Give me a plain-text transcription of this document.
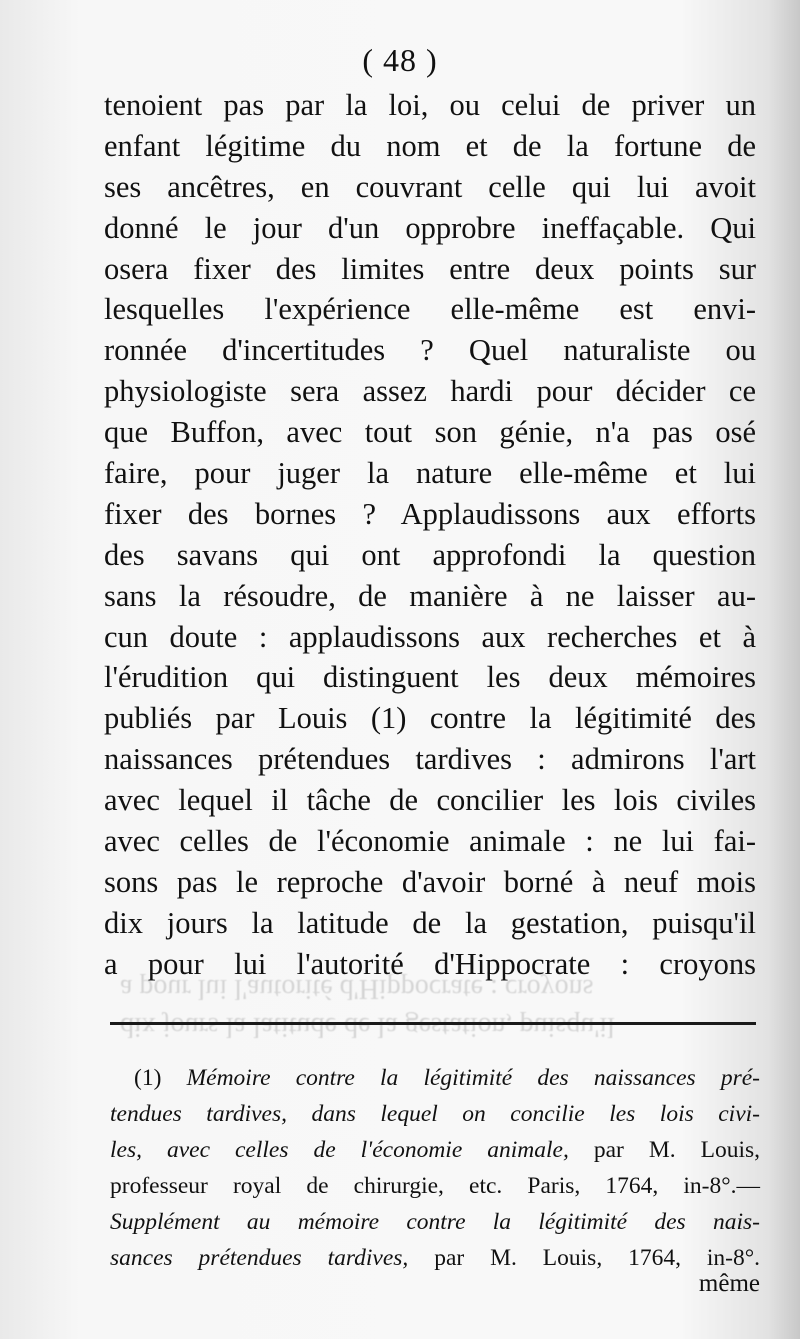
dix jours la latitude de la gestation, puisqu'il
a pour lui l'autorité d'Hippocrate : croyons
( 48 )
tenoient pas par la loi, ou celui de priver un
enfant légitime du nom et de la fortune de
ses ancêtres, en couvrant celle qui lui avoit
donné le jour d'un opprobre ineffaçable. Qui
osera fixer des limites entre deux points sur
lesquelles l'expérience elle-même est envi-
ronnée d'incertitudes ? Quel naturaliste ou
physiologiste sera assez hardi pour décider ce
que Buffon, avec tout son génie, n'a pas osé
faire, pour juger la nature elle-même et lui
fixer des bornes ? Applaudissons aux efforts
des savans qui ont approfondi la question
sans la résoudre, de manière à ne laisser au-
cun doute : applaudissons aux recherches et à
l'érudition qui distinguent les deux mémoires
publiés par Louis (1) contre la légitimité des
naissances prétendues tardives : admirons l'art
avec lequel il tâche de concilier les lois civiles
avec celles de l'économie animale : ne lui fai-
sons pas le reproche d'avoir borné à neuf mois
dix jours la latitude de la gestation, puisqu'il
a pour lui l'autorité d'Hippocrate : croyons
(1) Mémoire contre la légitimité des naissances pré-
tendues tardives, dans lequel on concilie les lois civi-
les, avec celles de l'économie animale, par M. Louis,
professeur royal de chirurgie, etc. Paris, 1764, in-8°.—
Supplément au mémoire contre la légitimité des nais-
sances prétendues tardives, par M. Louis, 1764, in-8°.
même
